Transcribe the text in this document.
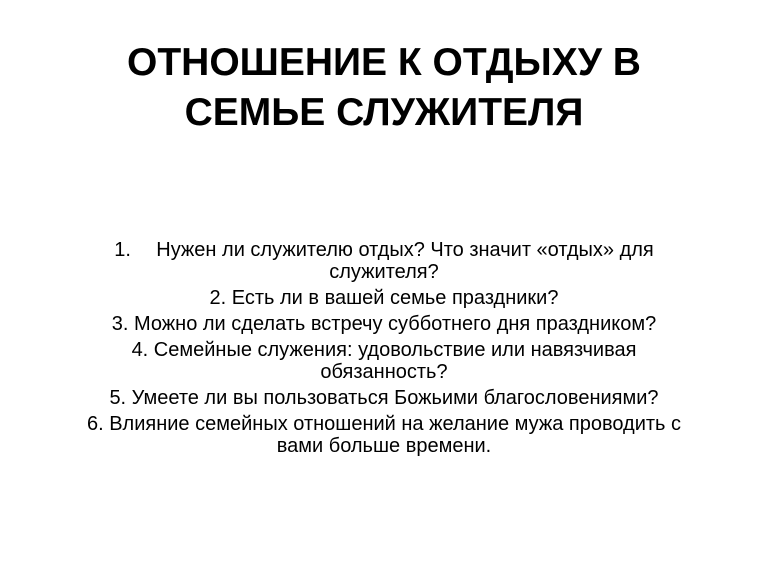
ОТНОШЕНИЕ К ОТДЫХУ В
СЕМЬЕ СЛУЖИТЕЛЯ
1. Нужен ли служителю отдых? Что значит «отдых» для
служителя?
2. Есть ли в вашей семье праздники?
3. Можно ли сделать встречу субботнего дня праздником?
4. Семейные служения: удовольствие или навязчивая
обязанность?
5. Умеете ли вы пользоваться Божьими благословениями?
6. Влияние семейных отношений на желание мужа проводить с
вами больше времени.
